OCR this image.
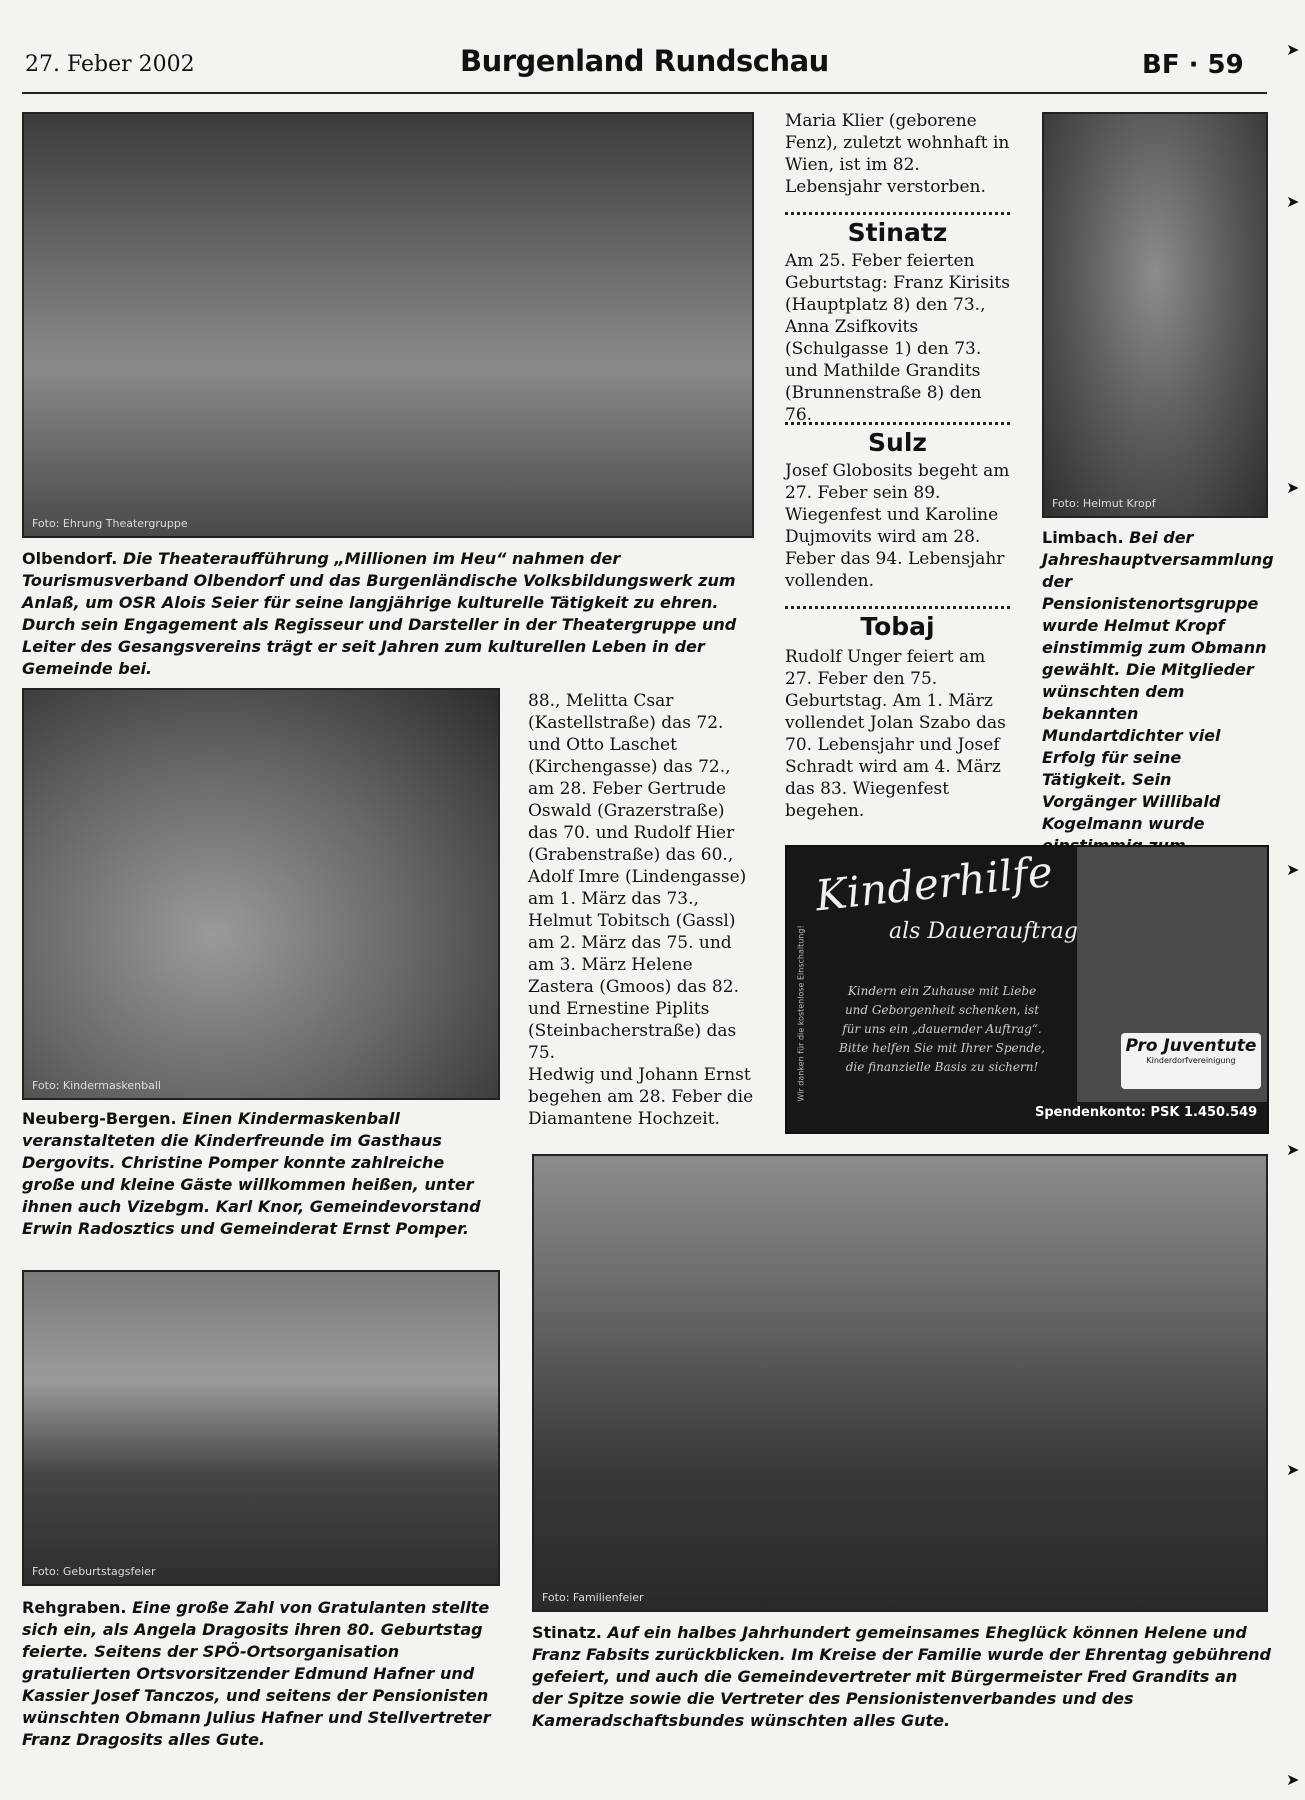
27. Feber 2002	Burgenland Rundschau	BF · 59
Foto: Ehrung Theatergruppe
Olbendorf. Die Theateraufführung „Millionen im Heu“ nahmen der Tourismusverband Olbendorf und das Burgenländische Volksbildungswerk zum Anlaß, um OSR Alois Seier für seine langjährige kulturelle Tätigkeit zu ehren. Durch sein Engagement als Regisseur und Darsteller in der Theatergruppe und Leiter des Gesangsvereins trägt er seit Jahren zum kulturellen Leben in der Gemeinde bei.
Foto: Helmut Kropf
Limbach. Bei der Jahreshauptversammlung der Pensionistenortsgruppe wurde Helmut Kropf einstimmig zum Obmann gewählt. Die Mitglieder wünschten dem bekannten Mundartdichter viel Erfolg für seine Tätigkeit. Sein Vorgänger Willibald Kogelmann wurde

Maria Klier (geborene Fenz), zuletzt wohnhaft in Wien, ist im 82. Lebensjahr verstorben.

Stinatz

Am 25. Feber feierten Geburtstag: Franz Kirisits (Hauptplatz 8) den 73., Anna Zsifkovits (Schulgasse 1) den 73. und Mathilde Grandits (Brunnenstraße 8) den 76.

Sulz

Josef Globosits begeht am 27. Feber sein 89. Wiegenfest und Karoline Dujmovits wird am 28. Feber das 94. Lebensjahr vollenden.

Tobaj

Rudolf Unger feiert am 27. Feber den 75. Geburtstag. Am 1. März vollendet Jolan Szabo das 70. Lebensjahr und Josef Schradt wird am 4. März das 83. Wiegenfest begehen.

Foto: Kindermaskenball
Neuberg-Bergen. Einen Kindermaskenball veranstalteten die Kinderfreunde im Gasthaus Dergovits. Christine Pomper konnte zahlreiche große und kleine Gäste willkommen heißen, unter ihnen auch Vizebgm. Karl Knor, Gemeindevorstand Erwin Radosztics und Gemeinderat Ernst Pomper.

88., Melitta Csar (Kastellstraße) das 72. und Otto Laschet (Kirchengasse) das 72., am 28. Feber Gertrude Oswald (Grazerstraße) das 70. und Rudolf Hier (Grabenstraße) das 60., Adolf Imre (Lindengasse) am 1. März das 73., Helmut Tobitsch (Gassl) am 2. März das 75. und am 3. März Helene Zastera (Gmoos) das 82. und Ernestine Piplits (Steinbacherstraße) das 75.

Hedwig und Johann Ernst begehen am 28. Feber die Diamantene Hochzeit.

Kinderhilfe
als Dauerauftrag
Kindern ein Zuhause mit Liebe und Geborgenheit schenken, ist für uns ein „dauernder Auftrag“. Bitte helfen Sie mit Ihrer Spende, die finanzielle Basis zu sichern!
Wir danken für die kostenlose Einschaltung!	Pro Juventute
Kinderdorfvereinigung
Spendenkonto: PSK 1.450.549
Foto: Geburtstagsfeier
Rehgraben. Eine große Zahl von Gratulanten stellte sich ein, als Angela Dragosits ihren 80. Geburtstag feierte. Seitens der SPÖ-Ortsorganisation gratulierten Ortsvorsitzender Edmund Hafner und Kassier Josef Tanczos, und seitens der Pensionisten wünschten Obmann Julius Hafner und Stellvertreter Franz Dragosits alles Gute.
Foto: Familienfeier
Stinatz. Auf ein halbes Jahrhundert gemeinsames Eheglück können Helene und Franz Fabsits zurückblicken. Im Kreise der Familie wurde der Ehrentag gebührend gefeiert, und auch die Gemeindevertreter mit Bürgermeister Fred Grandits an der Spitze sowie die Vertreter des Pensionistenverbandes und des Kameradschaftsbundes wünschten alles Gute.
➤
➤
➤
➤
➤
➤
➤
